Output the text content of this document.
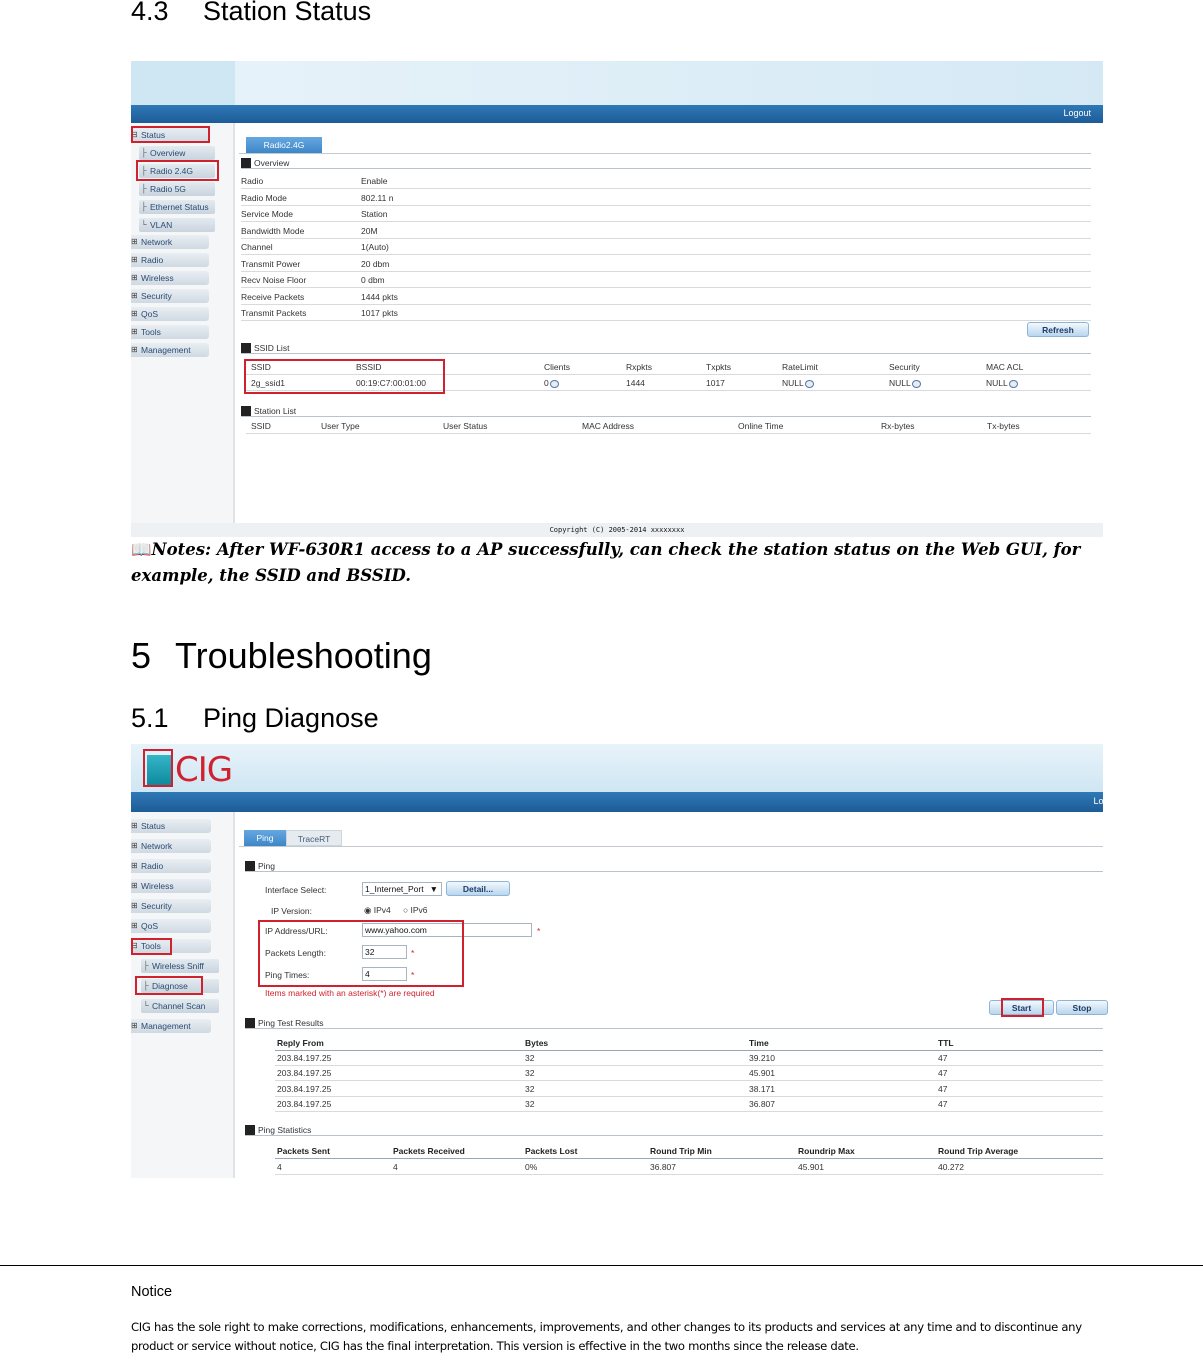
4.3 Station Status
Logout
⊟ Status
├ Overview
├ Radio 2.4G
├ Radio 5G
├ Ethernet Status
└ VLAN
⊞ Network
⊞ Radio
⊞ Wireless
⊞ Security
⊞ QoS
⊞ Tools
⊞ Management
Radio2.4G
Overview
Radio	Enable
Radio Mode	802.11 n
Service Mode	Station
Bandwidth Mode	20M
Channel	1(Auto)
Transmit Power	20 dbm
Recv Noise Floor	0 dbm
Receive Packets	1444 pkts
Transmit Packets	1017 pkts
Refresh
SSID List
SSID	BSSID	Clients	Rxpkts	Txpkts	RateLimit	Security	MAC ACL
2g_ssid1	00:19:C7:00:01:00	0	1444	1017	NULL	NULL	NULL
Station List
SSID	User Type	User Status	MAC Address	Online Time	Rx-bytes	Tx-bytes
Copyright (C) 2005-2014 xxxxxxxx
📖Notes: After WF-630R1 access to a AP successfully, can check the station status on the Web GUI, for example, the SSID and BSSID.
5 Troubleshooting
5.1 Ping Diagnose
CIG
Logout
⊞ Status
⊞ Network
⊞ Radio
⊞ Wireless
⊞ Security
⊞ QoS
⊟ Tools
├ Wireless Sniff
├ Diagnose
└ Channel Scan
⊞ Management
Ping	TraceRT
Ping
Interface Select:	1_Internet_Port ▼	Detail...
IP Version:	◉ IPv4 ○ IPv6
IP Address/URL:	www.yahoo.com	*
Packets Length:	32	*
Ping Times:	4	*
Items marked with an asterisk(*) are required
Start	Stop
Ping Test Results
Reply From	Bytes	Time	TTL
203.84.197.25	32	39.210	47
203.84.197.25	32	45.901	47
203.84.197.25	32	38.171	47
203.84.197.25	32	36.807	47
Ping Statistics
Packets Sent	Packets Received	Packets Lost	Round Trip Min	Roundrip Max	Round Trip Average
4	4	0%	36.807	45.901	40.272
Notice
CIG has the sole right to make corrections, modifications, enhancements, improvements, and other changes to its products and services at any time and to discontinue any product or service without notice, CIG has the final interpretation. This version is effective in the two months since the release date.
